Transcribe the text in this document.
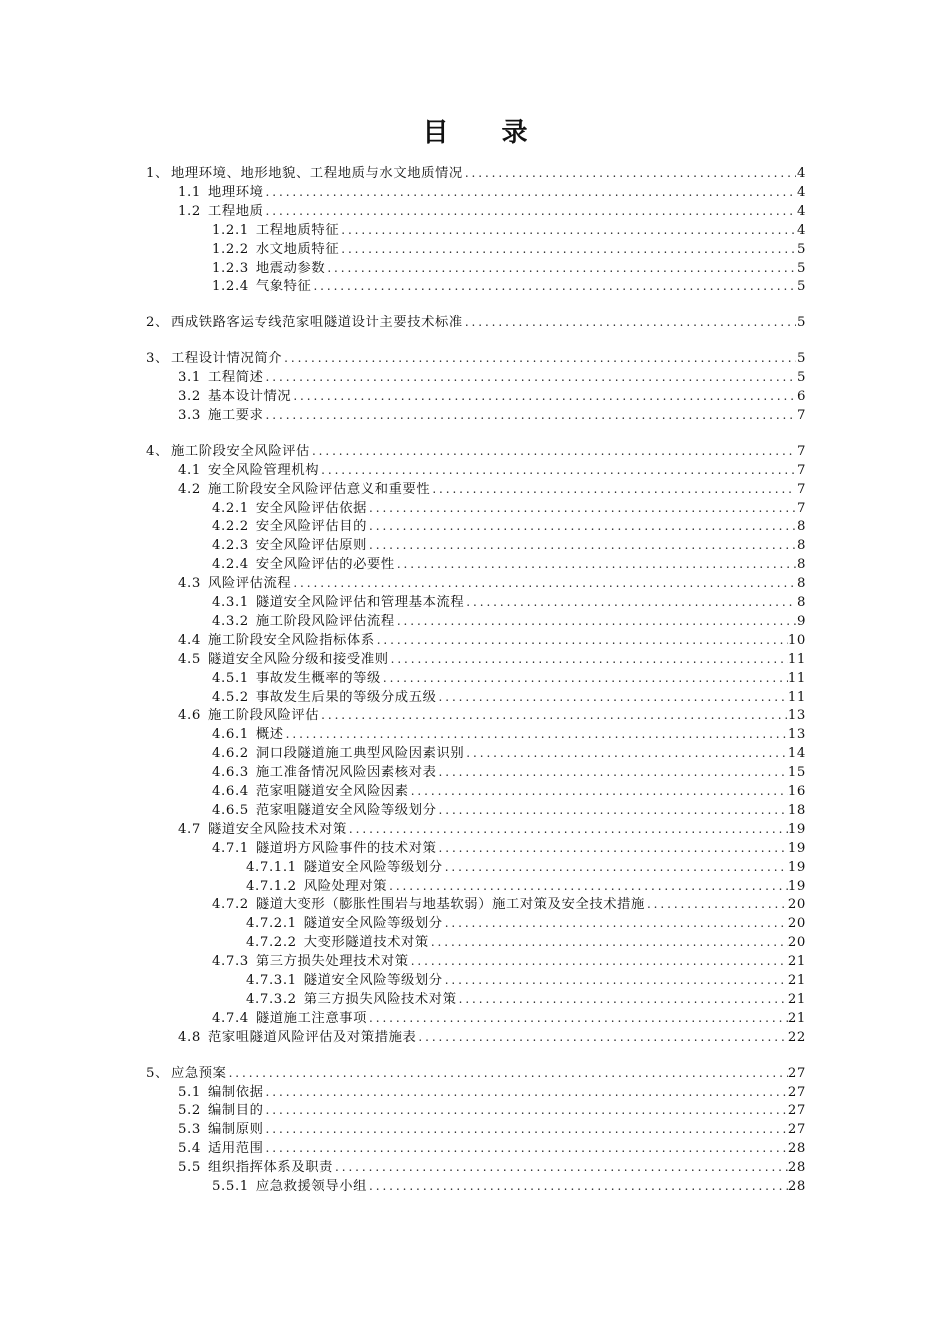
目 录
1、 地理环境、地形地貌、工程地质与水文地质情况 .....	4
1.1 地理环境 .....	4
1.2 工程地质 .....	4
1.2.1 工程地质特征 .....	4
1.2.2 水文地质特征 .....	5
1.2.3 地震动参数 .....	5
1.2.4 气象特征 .....	5
2、 西成铁路客运专线范家咀隧道设计主要技术标准 .....	5
3、 工程设计情况简介 .....	5
3.1 工程简述 .....	5
3.2 基本设计情况 .....	6
3.3 施工要求 .....	7
4、 施工阶段安全风险评估 .....	7
4.1 安全风险管理机构 .....	7
4.2 施工阶段安全风险评估意义和重要性 .....	7
4.2.1 安全风险评估依据 .....	7
4.2.2 安全风险评估目的 .....	8
4.2.3 安全风险评估原则 .....	8
4.2.4 安全风险评估的必要性 .....	8
4.3 风险评估流程 .....	8
4.3.1 隧道安全风险评估和管理基本流程 .....	8
4.3.2 施工阶段风险评估流程 .....	9
4.4 施工阶段安全风险指标体系 .....	10
4.5 隧道安全风险分级和接受准则 .....	11
4.5.1 事故发生概率的等级 .....	11
4.5.2 事故发生后果的等级分成五级 .....	11
4.6 施工阶段风险评估 .....	13
4.6.1 概述 .....	13
4.6.2 洞口段隧道施工典型风险因素识别 .....	14
4.6.3 施工准备情况风险因素核对表 .....	15
4.6.4 范家咀隧道安全风险因素 .....	16
4.6.5 范家咀隧道安全风险等级划分 .....	18
4.7 隧道安全风险技术对策 .....	19
4.7.1 隧道坍方风险事件的技术对策 .....	19
4.7.1.1 隧道安全风险等级划分 .....	19
4.7.1.2 风险处理对策 .....	19
4.7.2 隧道大变形（膨胀性围岩与地基软弱）施工对策及安全技术措施 .....	20
4.7.2.1 隧道安全风险等级划分 .....	20
4.7.2.2 大变形隧道技术对策 .....	20
4.7.3 第三方损失处理技术对策 .....	21
4.7.3.1 隧道安全风险等级划分 .....	21
4.7.3.2 第三方损失风险技术对策 .....	21
4.7.4 隧道施工注意事项 .....	21
4.8 范家咀隧道风险评估及对策措施表 .....	22
5、 应急预案 .....	27
5.1 编制依据 .....	27
5.2 编制目的 .....	27
5.3 编制原则 .....	27
5.4 适用范围 .....	28
5.5 组织指挥体系及职责 .....	28
5.5.1 应急救援领导小组 .....	28
